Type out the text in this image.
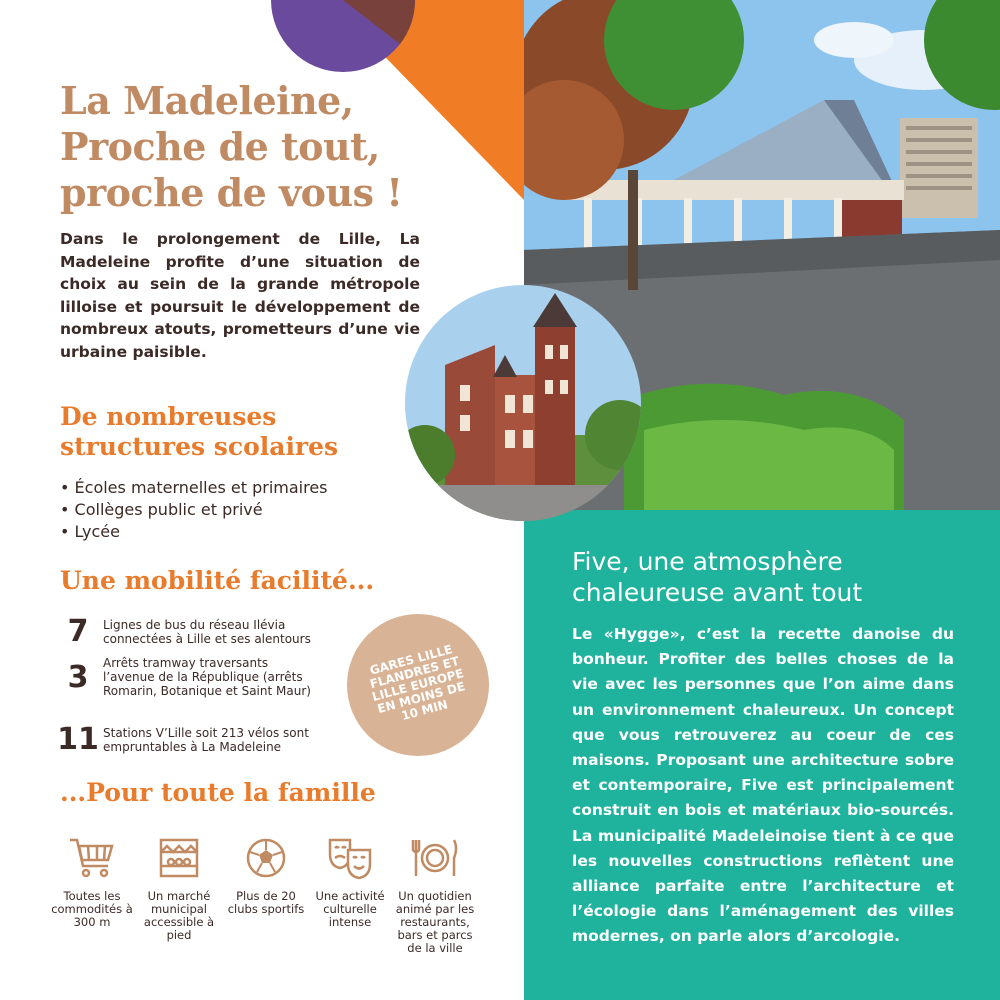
La Madeleine,
Proche de tout,
proche de vous !
Dans le prolongement de Lille, La Madeleine profite d’une situation de choix au sein de la grande métropole lilloise et poursuit le développement de nombreux atouts, prometteurs d’une vie urbaine paisible.
De nombreuses
structures scolaires
• Écoles maternelles et primaires
• Collèges public et privé
• Lycée
Une mobilité facilité...
7	Lignes de bus du réseau Ilévia connectées à Lille et ses alentours
3	Arrêts tramway traversants l’avenue de la République (arrêts Romarin, Botanique et Saint Maur)
11 Stations V’Lille soit 213 vélos sont empruntables à La Madeleine
GARES LILLE FLANDRES ET LILLE EUROPE EN MOINS DE 10 MIN
...Pour toute la famille
Toutes les commodités à 300 m
Un marché municipal accessible à pied
Plus de 20 clubs sportifs
Une activité culturelle intense
Un quotidien animé par les restaurants, bars et parcs de la ville
Five, une atmosphère
chaleureuse avant tout
Le «Hygge», c’est la recette danoise du bonheur. Profiter des belles choses de la vie avec les personnes que l’on aime dans un environnement chaleureux. Un concept que vous retrouverez au coeur de ces maisons. Proposant une architecture sobre et contemporaire, Five est principalement construit en bois et matériaux bio-sourcés. La municipalité Madeleinoise tient à ce que les nouvelles constructions reflètent une alliance parfaite entre l’architecture et l’écologie dans l’aménagement des villes modernes, on parle alors d’arcologie.
